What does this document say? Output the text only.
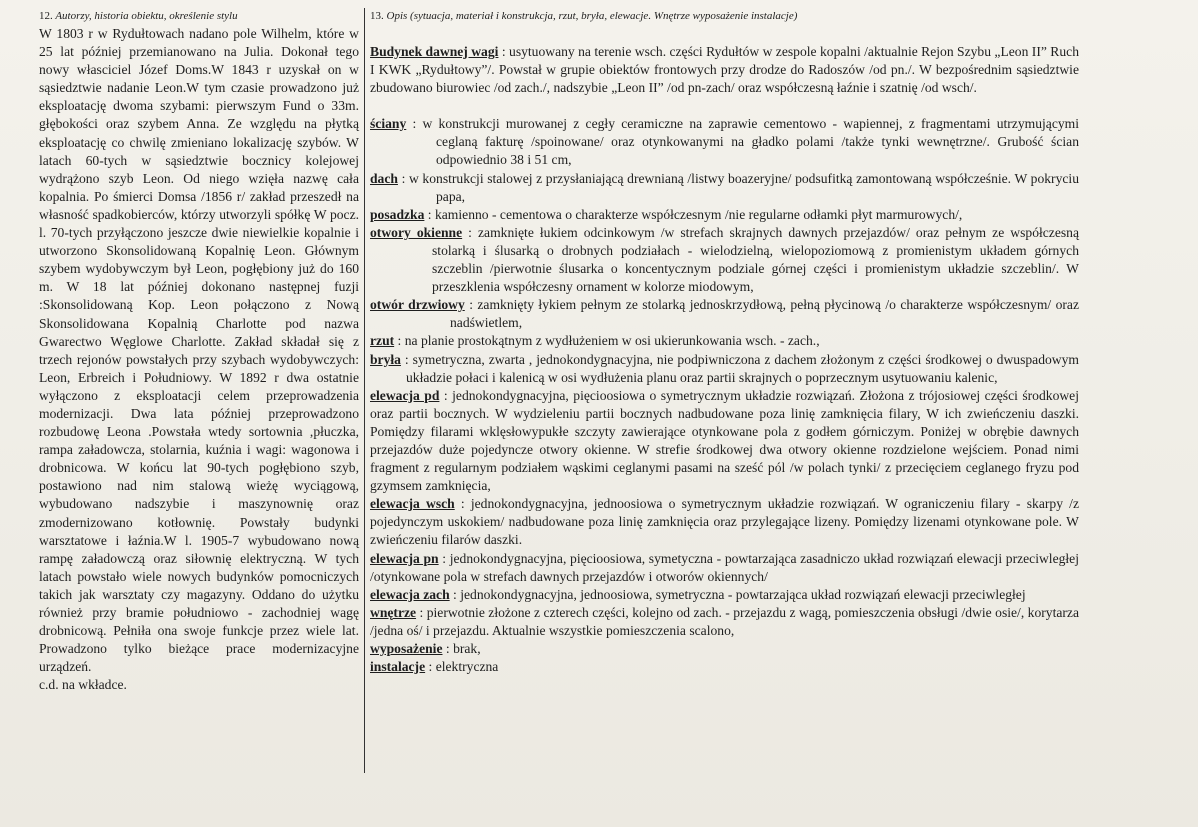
12. Autorzy, historia obiektu, określenie stylu

W 1803 r w Rydułtowach nadano pole Wilhelm, które w 25 lat później przemianowano na Julia. Dokonał tego nowy własciciel Józef Doms.W 1843 r uzyskał on w sąsiedztwie nadanie Leon.W tym czasie prowadzono już eksploatację dwoma szybami: pierwszym Fund o 33m. głębokości oraz szybem Anna. Ze względu na płytką eksploatację co chwilę zmieniano lokalizację szybów. W latach 60-tych w sąsiedztwie bocznicy kolejowej wydrążono szyb Leon. Od niego wzięła nazwę cała kopalnia. Po śmierci Domsa /1856 r/ zakład przeszedł na własność spadkobierców, którzy utworzyli spółkę W pocz. l. 70-tych przyłączono jeszcze dwie niewielkie kopalnie i utworzono Skonsolidowaną Kopalnię Leon. Głównym szybem wydobywczym był Leon, pogłębiony już do 160 m. W 18 lat później dokonano następnej fuzji :Skonsolidowaną Kop. Leon połączono z Nową Skonsolidowana Kopalnią Charlotte pod nazwa Gwarectwo Węglowe Charlotte. Zakład składał się z trzech rejonów powstałych przy szybach wydobywczych: Leon, Erbreich i Południowy. W 1892 r dwa ostatnie wyłączono z eksploatacji celem przeprowadzenia modernizacji. Dwa lata później przeprowadzono rozbudowę Leona .Powstała wtedy sortownia ,płuczka, rampa załadowcza, stolarnia, kuźnia i wagi: wagonowa i drobnicowa. W końcu lat 90-tych pogłębiono szyb, postawiono nad nim stalową wieżę wyciągową, wybudowano nadszybie i maszynownię oraz zmodernizowano kotłownię. Powstały budynki warsztatowe i łaźnia.W l. 1905-7 wybudowano nową rampę załadowczą oraz siłownię elektryczną. W tych latach powstało wiele nowych budynków pomocniczych takich jak warsztaty czy magazyny. Oddano do użytku również przy bramie południowo - zachodniej wagę drobnicową. Pełniła ona swoje funkcje przez wiele lat. Prowadzono tylko bieżące prace modernizacyjne urządzeń.

c.d. na wkładce.

13. Opis (sytuacja, materiał i konstrukcja, rzut, bryła, elewacje. Wnętrze wyposażenie instalacje)

Budynek dawnej wagi : usytuowany na terenie wsch. części Rydułtów w zespole kopalni /aktualnie Rejon Szybu „Leon II” Ruch I KWK „Rydułtowy”/. Powstał w grupie obiektów frontowych przy drodze do Radoszów /od pn./. W bezpośrednim sąsiedztwie zbudowano biurowiec /od zach./, nadszybie „Leon II” /od pn-zach/ oraz współczesną łaźnie i szatnię /od wsch/.

ściany : w konstrukcji murowanej z cegły ceramiczne na zaprawie cementowo - wapiennej, z fragmentami utrzymującymi ceglaną fakturę /spoinowane/ oraz otynkowanymi na gładko polami /także tynki wewnętrzne/. Grubość ścian odpowiednio 38 i 51 cm,

dach : w konstrukcji stalowej z przysłaniającą drewnianą /listwy boazeryjne/ podsufitką zamontowaną współcześnie. W pokryciu papa,

posadzka : kamienno - cementowa o charakterze współczesnym /nie regularne odłamki płyt marmurowych/,

otwory okienne : zamknięte łukiem odcinkowym /w strefach skrajnych dawnych przejazdów/ oraz pełnym ze współczesną stolarką i ślusarką o drobnych podziałach - wielodzielną, wielopoziomową z promienistym układem górnych szczeblin /pierwotnie ślusarka o koncentycznym podziale górnej części i promienistym układzie szczeblin/. W przeszklenia współczesny ornament w kolorze miodowym,

otwór drzwiowy : zamknięty łykiem pełnym ze stolarką jednoskrzydłową, pełną płycinową /o charakterze współczesnym/ oraz nadświetlem,

rzut : na planie prostokątnym z wydłużeniem w osi ukierunkowania wsch. - zach.,

bryła : symetryczna, zwarta , jednokondygnacyjna, nie podpiwniczona z dachem złożonym z części środkowej o dwuspadowym układzie połaci i kalenicą w osi wydłużenia planu oraz partii skrajnych o poprzecznym usytuowaniu kalenic,

elewacja pd : jednokondygnacyjna, pięcioosiowa o symetrycznym układzie rozwiązań. Złożona z trójosiowej części środkowej oraz partii bocznych. W wydzieleniu partii bocznych nadbudowane poza linię zamknięcia filary, W ich zwieńczeniu daszki. Pomiędzy filarami wklęsłowypukłe szczyty zawierające otynkowane pola z godłem górniczym. Poniżej w obrębie dawnych przejazdów duże pojedyncze otwory okienne. W strefie środkowej dwa otwory okienne rozdzielone wejściem. Ponad nimi fragment z regularnym podziałem wąskimi ceglanymi pasami na sześć pól /w polach tynki/ z przecięciem ceglanego fryzu pod gzymsem zamknięcia,

elewacja wsch : jednokondygnacyjna, jednoosiowa o symetrycznym układzie rozwiązań. W ograniczeniu filary - skarpy /z pojedynczym uskokiem/ nadbudowane poza linię zamknięcia oraz przylegające lizeny. Pomiędzy lizenami otynkowane pole. W zwieńczeniu filarów daszki.

elewacja pn : jednokondygnacyjna, pięcioosiowa, symetyczna - powtarzająca zasadniczo układ rozwiązań elewacji przeciwległej /otynkowane pola w strefach dawnych przejazdów i otworów okiennych/

elewacja zach : jednokondygnacyjna, jednoosiowa, symetryczna - powtarzająca układ rozwiązań elewacji przeciwległej

wnętrze : pierwotnie złożone z czterech części, kolejno od zach. - przejazdu z wagą, pomieszczenia obsługi /dwie osie/, korytarza /jedna oś/ i przejazdu. Aktualnie wszystkie pomieszczenia scalono,

wyposażenie : brak,

instalacje : elektryczna
